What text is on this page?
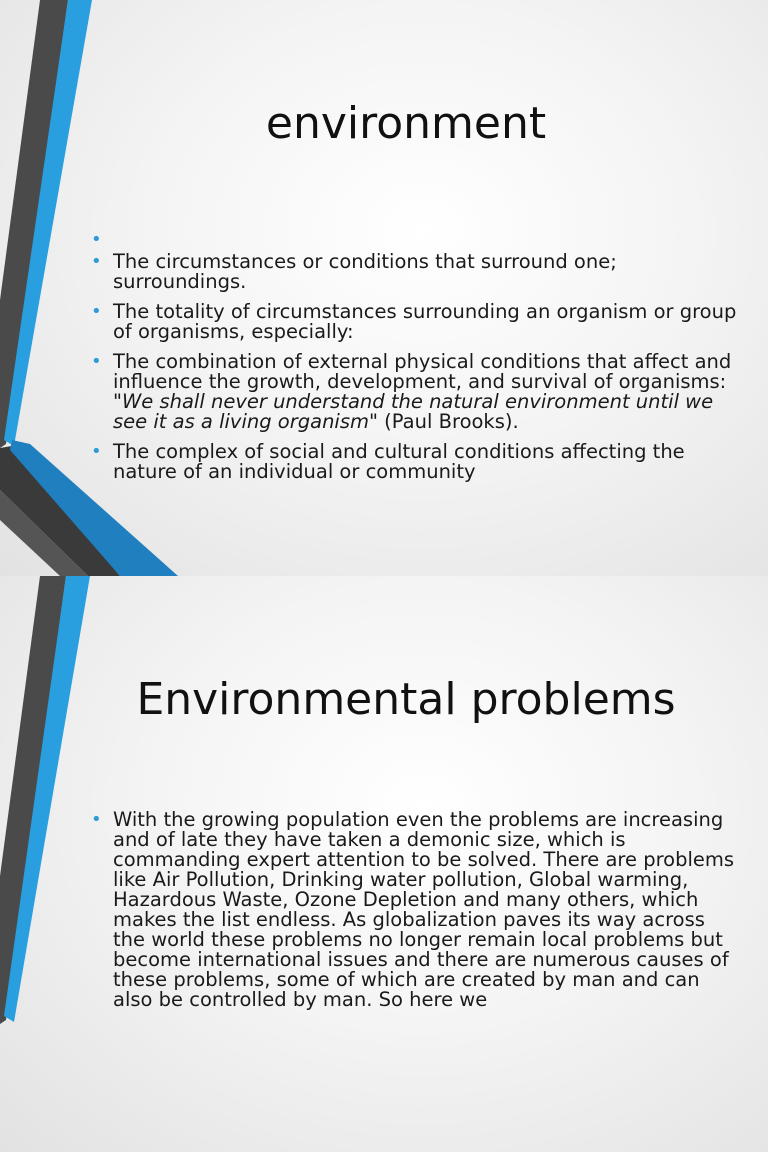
environment
•
• The circumstances or conditions that surround one; surroundings.
• The totality of circumstances surrounding an organism or group of organisms, especially:
• The combination of external physical conditions that affect and influence the growth, development, and survival of organisms: "We shall never understand the natural environment until we see it as a living organism" (Paul Brooks).
• The complex of social and cultural conditions affecting the nature of an individual or community
Environmental problems
• With the growing population even the problems are increasing and of late they have taken a demonic size, which is commanding expert attention to be solved. There are problems like Air Pollution, Drinking water pollution, Global warming, Hazardous Waste, Ozone Depletion and many others, which makes the list endless. As globalization paves its way across the world these problems no longer remain local problems but become international issues and there are numerous causes of these problems, some of which are created by man and can also be controlled by man. So here we
